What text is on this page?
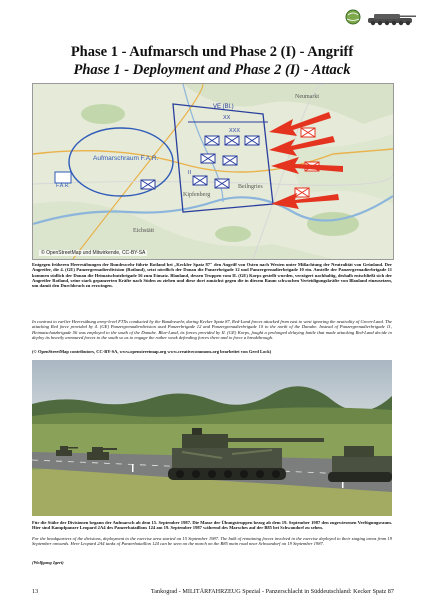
Phase 1 - Aufmarsch und Phase 2 (I) - Angriff
Phase 1 - Deployment and Phase 2 (I) - Attack
Neumarkt
Beilngries
Kipfenberg
Eichstätt
Aufmarschraum F.A.R.
F.A.R.
VE (Bl.)
XX
XXX
II
© OpenStreetMap und Mitwirkende, CC-BY-SA
Entgegen früheren Heeresübungen der Bundeswehr führte Rotland bei „Keckler Spatz 87" den Angriff von Osten nach Westen unter Mißachtung der Neutralität von Grünland. Der Angreifer, die 4. (GE) Panzergrenadierdivision (Rotland), setzt nördlich der Donau die Panzerbrigade 12 und Panzergrenadierbrigade 10 ein. Anstelle der Panzergrenadierbrigade 11 kommen südlich der Donau die Heimatschutzbrigade 56 zum Einsatz. Blauland, dessen Truppen vom II. (GE) Korps gestellt wurden, verzögert nachhaltig, deshalb entschließt sich der Angreifer Rotland, seine stark gepanzerten Kräfte nach Süden zu ziehen und diese dort zunächst gegen die in diesem Raum schwachen Verteidigungskräfte von Blauland einzusetzen, um damit den Durchbruch zu erzwingen.
In contrast to earlier Heeresübung army-level FTXs conducted by the Bundeswehr, during Kecker Spatz 87, Red-Land forces attacked from east to west ignoring the neutrality of Green-Land. The attacking Red force provided by 4. (GE) Panzergrenadierdivision used Panzerbrigade 12 and Panzergrenadierbrigade 10 to the north of the Danube. Instead of Panzergrenadierbrigade 11, Heimatschutzbrigade 56 was employed to the south of the Danube. Blue-Land, its forces provided by II. (GE) Korps, fought a prolonged delaying battle that made attacking Red-Land decide to deploy its heavily armoured forces to the south so as to engage the rather weak defending forces there and to force a breakthrough.
(© OpenStreetMap contributors, CC-BY-SA, www.openstreetmap.org www.creativecommons.org bearbeitet von Gerd Lock)
Für die Stäbe der Divisionen begann der Aufmarsch ab dem 15. September 1987. Die Masse der Übungstruppen bezog ab dem 19. September 1987 den zugewiesenen Verfügungsraum. Hier sind Kampfpanzer Leopard 2A4 des Panzerbataillons 124 am 19. September 1987 während des Marsches auf der B85 bei Schwandorf zu sehen.
For the headquarters of the divisions, deployment to the exercise area started on 15 September 1987. The bulk of remaining forces involved in the exercise deployed to their staging areas from 19 September onwards. Here Leopard 2A4 tanks of Panzerbataillon 124 can be seen on the march on the B85 main road near Schwandorf on 19 September 1987.
(Wolfgang Igert)
13	Tankograd - MILITÄRFAHRZEUG Spezial - Panzerschlacht in Süddeutschland: Kecker Spatz 87
